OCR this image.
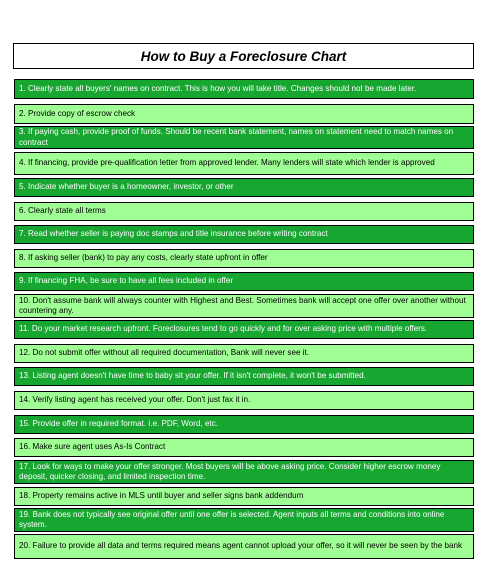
How to Buy a Foreclosure Chart
1. Clearly state all buyers' names on contract. This is how you will take title. Changes should not be made later.
2. Provide copy of escrow check
3. If paying cash, provide proof of funds. Should be recent bank statement, names on statement need to match names on contract
4. If financing, provide pre-qualification letter from approved lender. Many lenders will state which lender is approved
5. Indicate whether buyer is a homeowner, investor, or other
6. Clearly state all terms
7. Read whether seller is paying doc stamps and title insurance before writing contract
8. If asking seller (bank) to pay any costs, clearly state upfront in offer
9. If financing FHA, be sure to have all fees included in offer
10. Don't assume bank will always counter with Highest and Best. Sometimes bank will accept one offer over another without countering any.
11. Do your market research upfront. Foreclosures tend to go quickly and for over asking price with multiple offers.
12. Do not submit offer without all required documentation, Bank will never see it.
13. Listing agent doesn't have time to baby sit your offer. If it isn't complete, it won't be submitted.
14. Verify listing agent has received your offer. Don't just fax it in.
15. Provide offer in required format. i.e. PDF, Word, etc.
16. Make sure agent uses As-Is Contract
17. Look for ways to make your offer stronger. Most buyers will be above asking price. Consider higher escrow money deposit, quicker closing, and limited inspection time.
18. Property remains active in MLS until buyer and seller signs bank addendum
19. Bank does not typically see original offer until one offer is selected. Agent inputs all terms and conditions into online system.
20. Failure to provide all data and terms required means agent cannot upload your offer, so it will never be seen by the bank
